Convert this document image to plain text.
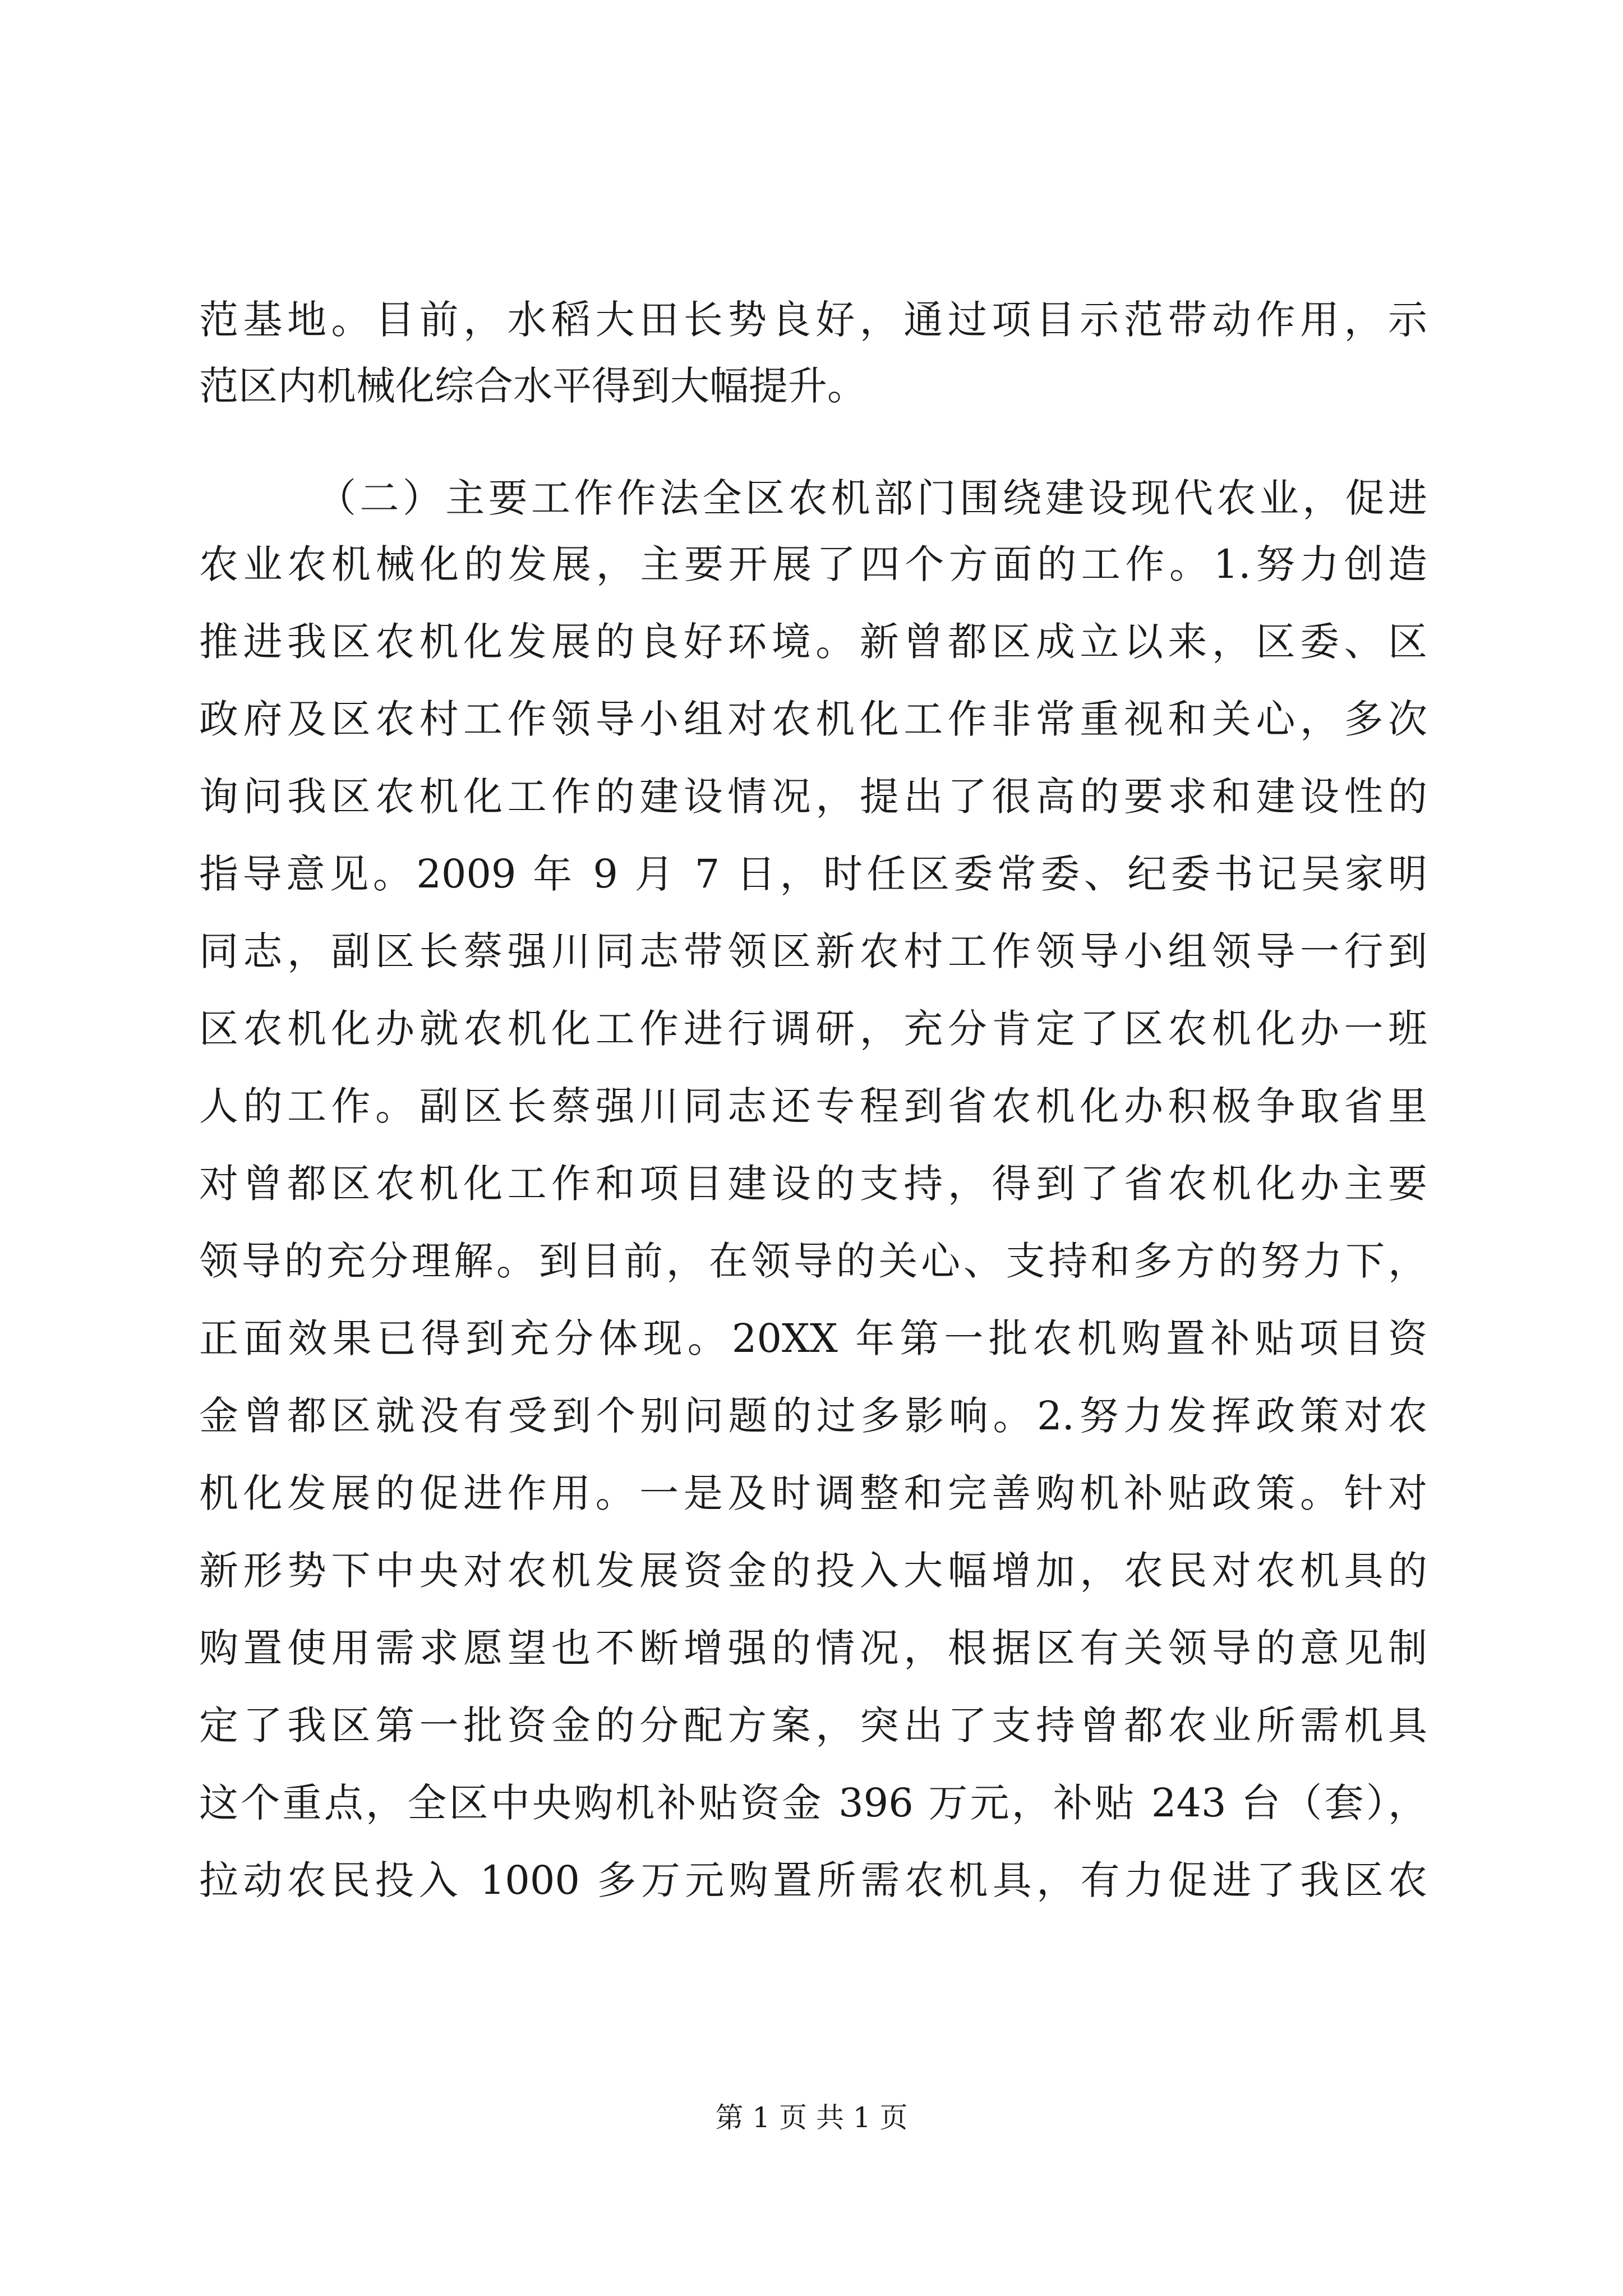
范基地。目前，水稻大田长势良好，通过项目示范带动作用，示
范区内机械化综合水平得到大幅提升。
（二）主要工作作法全区农机部门围绕建设现代农业，促进
农业农机械化的发展，主要开展了四个方面的工作。1.努力创造
推进我区农机化发展的良好环境。新曾都区成立以来，区委、区
政府及区农村工作领导小组对农机化工作非常重视和关心，多次
询问我区农机化工作的建设情况，提出了很高的要求和建设性的
指导意见。2009 年 9 月 7 日，时任区委常委、纪委书记吴家明
同志，副区长蔡强川同志带领区新农村工作领导小组领导一行到
区农机化办就农机化工作进行调研，充分肯定了区农机化办一班
人的工作。副区长蔡强川同志还专程到省农机化办积极争取省里
对曾都区农机化工作和项目建设的支持，得到了省农机化办主要
领导的充分理解。到目前，在领导的关心、支持和多方的努力下，
正面效果已得到充分体现。20XX 年第一批农机购置补贴项目资
金曾都区就没有受到个别问题的过多影响。2.努力发挥政策对农
机化发展的促进作用。一是及时调整和完善购机补贴政策。针对
新形势下中央对农机发展资金的投入大幅增加，农民对农机具的
购置使用需求愿望也不断增强的情况，根据区有关领导的意见制
定了我区第一批资金的分配方案，突出了支持曾都农业所需机具
这个重点，全区中央购机补贴资金 396 万元，补贴 243 台（套），
拉动农民投入 1000 多万元购置所需农机具，有力促进了我区农
第 1 页 共 1 页
